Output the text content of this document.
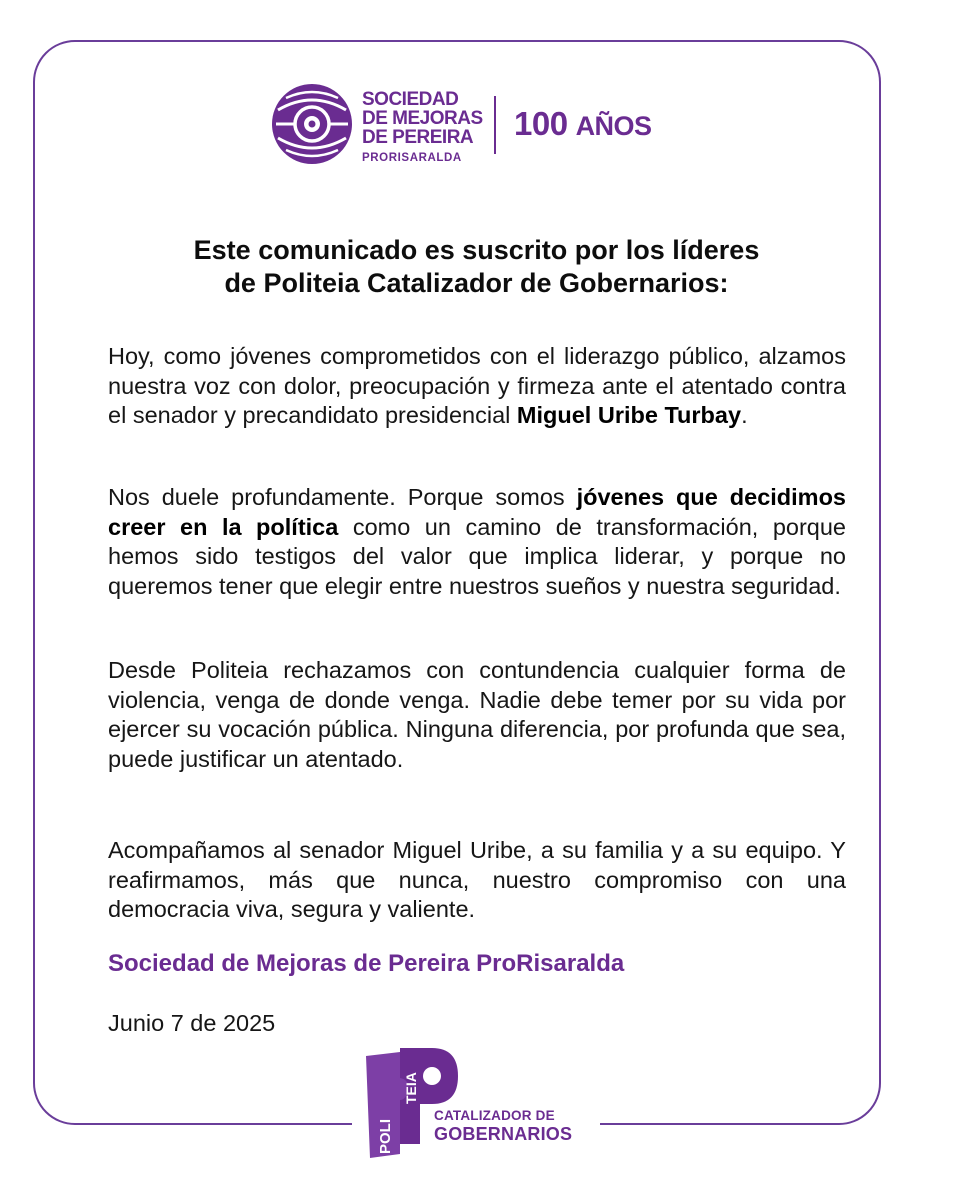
SOCIEDAD
DE MEJORAS
DE PEREIRA
PRORISARALDA
100 AÑOS
Este comunicado es suscrito por los líderes
de Politeia Catalizador de Gobernarios:
Hoy, como jóvenes comprometidos con el liderazgo público, alzamos nuestra voz con dolor, preocupación y firmeza ante el atentado contra el senador y precandidato presidencial Miguel Uribe Turbay.
Nos duele profundamente. Porque somos jóvenes que decidimos creer en la política como un camino de transformación, porque hemos sido testigos del valor que implica liderar, y porque no queremos tener que elegir entre nuestros sueños y nuestra seguridad.
Desde Politeia rechazamos con contundencia cualquier forma de violencia, venga de donde venga. Nadie debe temer por su vida por ejercer su vocación pública. Ninguna diferencia, por profunda que sea, puede justificar un atentado.
Acompañamos al senador Miguel Uribe, a su familia y a su equipo. Y reafirmamos, más que nunca, nuestro compromiso con una democracia viva, segura y valiente.
Sociedad de Mejoras de Pereira ProRisaralda
Junio 7 de 2025
POLI
TEIA
CATALIZADOR DE
GOBERNARIOS
